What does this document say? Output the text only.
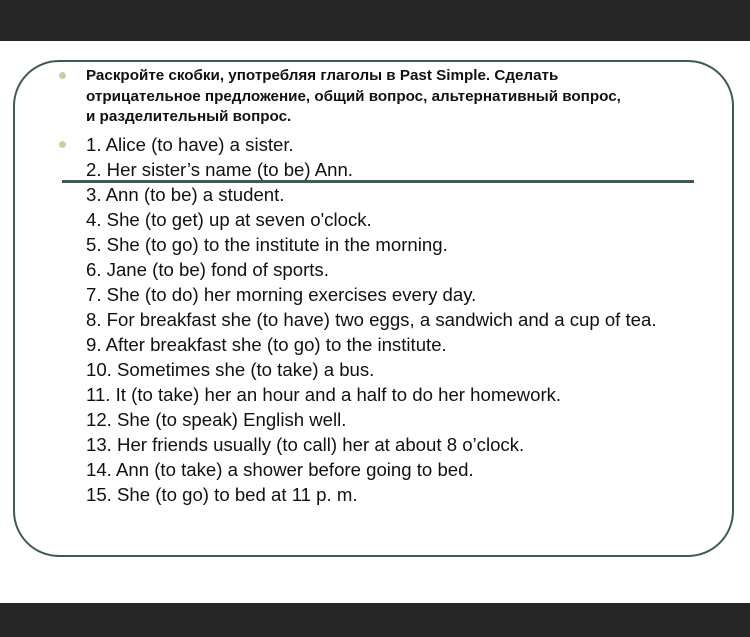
Раскройте скобки, употребляя глаголы в Past Simple. Сделать
отрицательное предложение, общий вопрос, альтернативный вопрос,
и разделительный вопрос.
1. Alice (to have) a sister.
2. Her sister’s name (to be) Ann.
3. Ann (to be) a student.
4. She (to get) up at seven o'clock.
5. She (to go) to the institute in the morning.
6. Jane (to be) fond of sports.
7. She (to do) her morning exercises every day.
8. For breakfast she (to have) two eggs, a sandwich and a cup of tea.
9. After breakfast she (to go) to the institute.
10. Sometimes she (to take) a bus.
11. It (to take) her an hour and a half to do her homework.
12. She (to speak) English well.
13. Her friends usually (to call) her at about 8 o’clock.
14. Ann (to take) a shower before going to bed.
15. She (to go) to bed at 11 p. m.
